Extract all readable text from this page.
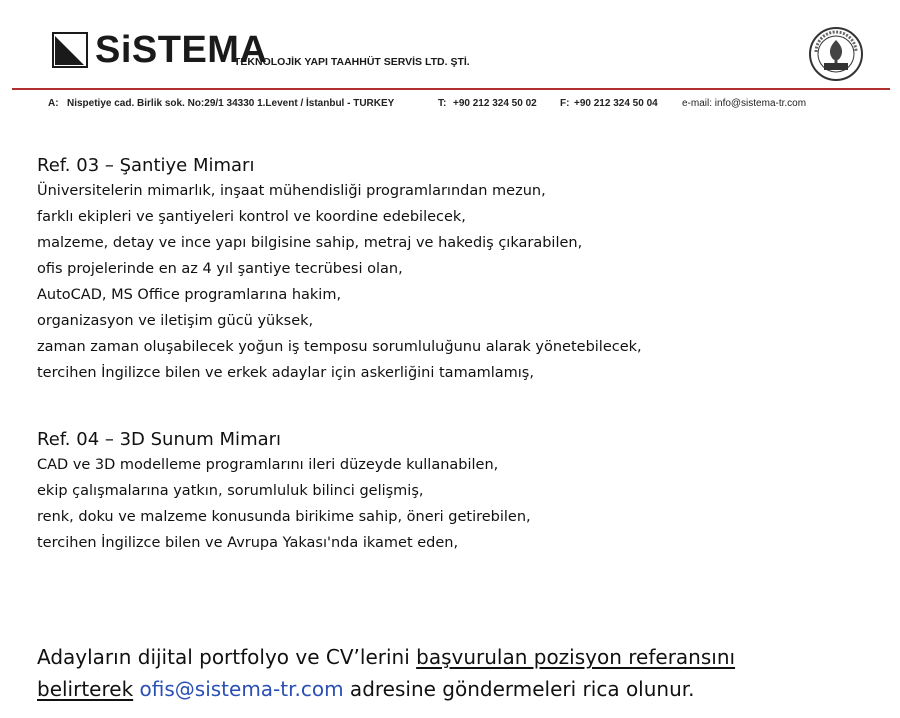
SiSTEMA
TEKNOLOJİK YAPI TAAHHÜT SERVİS LTD. ŞTİ.
A: Nispetiye cad. Birlik sok. No:29/1 34330 1.Levent / İstanbul - TURKEY	T: +90 212 324 50 02 F: +90 212 324 50 04 e-mail: info@sistema-tr.com

Ref. 03 – Şantiye Mimarı

Üniversitelerin mimarlık, inşaat mühendisliği programlarından mezun,

farklı ekipleri ve şantiyeleri kontrol ve koordine edebilecek,

malzeme, detay ve ince yapı bilgisine sahip, metraj ve hakediş çıkarabilen,

ofis projelerinde en az 4 yıl şantiye tecrübesi olan,

AutoCAD, MS Office programlarına hakim,

organizasyon ve iletişim gücü yüksek,

zaman zaman oluşabilecek yoğun iş temposu sorumluluğunu alarak yönetebilecek,

tercihen İngilizce bilen ve erkek adaylar için askerliğini tamamlamış,

Ref. 04 – 3D Sunum Mimarı

CAD ve 3D modelleme programlarını ileri düzeyde kullanabilen,

ekip çalışmalarına yatkın, sorumluluk bilinci gelişmiş,

renk, doku ve malzeme konusunda birikime sahip, öneri getirebilen,

tercihen İngilizce bilen ve Avrupa Yakası'nda ikamet eden,

Adayların dijital portfolyo ve CV’lerini başvurulan pozisyon referansını
belirterek ofis@sistema-tr.com adresine göndermeleri rica olunur.
